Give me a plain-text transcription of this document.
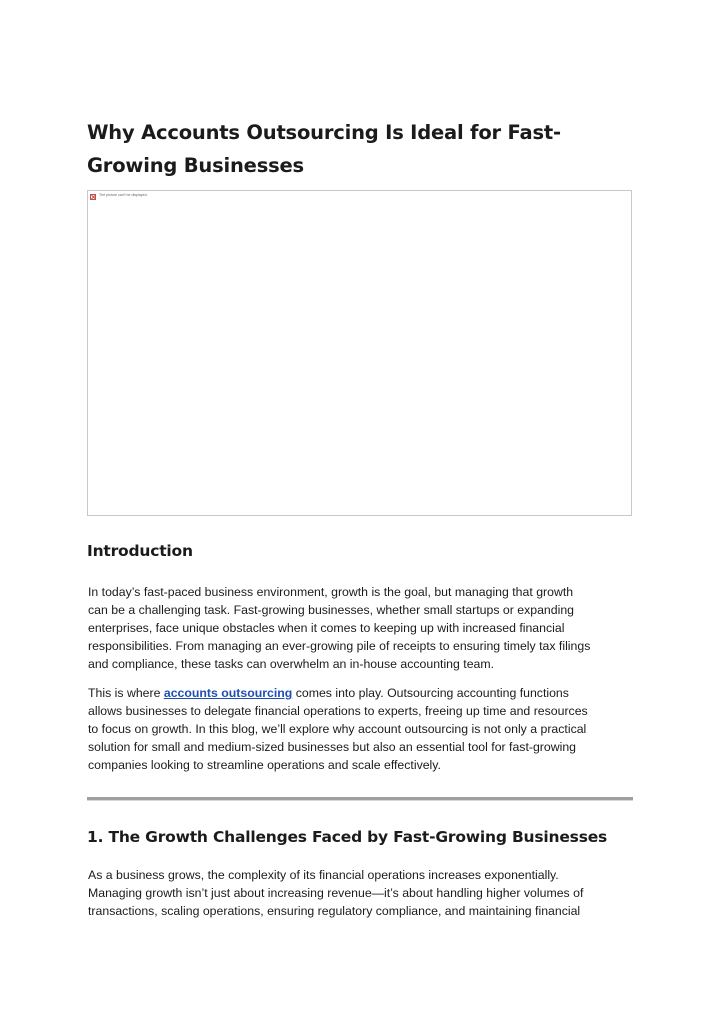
Why Accounts Outsourcing Is Ideal for Fast-Growing Businesses
The picture can't be displayed.
Introduction

In today’s fast-paced business environment, growth is the goal, but managing that growth
can be a challenging task. Fast-growing businesses, whether small startups or expanding
enterprises, face unique obstacles when it comes to keeping up with increased financial
responsibilities. From managing an ever-growing pile of receipts to ensuring timely tax filings
and compliance, these tasks can overwhelm an in-house accounting team.

This is where accounts outsourcing comes into play. Outsourcing accounting functions
allows businesses to delegate financial operations to experts, freeing up time and resources
to focus on growth. In this blog, we’ll explore why account outsourcing is not only a practical
solution for small and medium-sized businesses but also an essential tool for fast-growing
companies looking to streamline operations and scale effectively.

1. The Growth Challenges Faced by Fast-Growing Businesses

As a business grows, the complexity of its financial operations increases exponentially.
Managing growth isn’t just about increasing revenue—it’s about handling higher volumes of
transactions, scaling operations, ensuring regulatory compliance, and maintaining financial
